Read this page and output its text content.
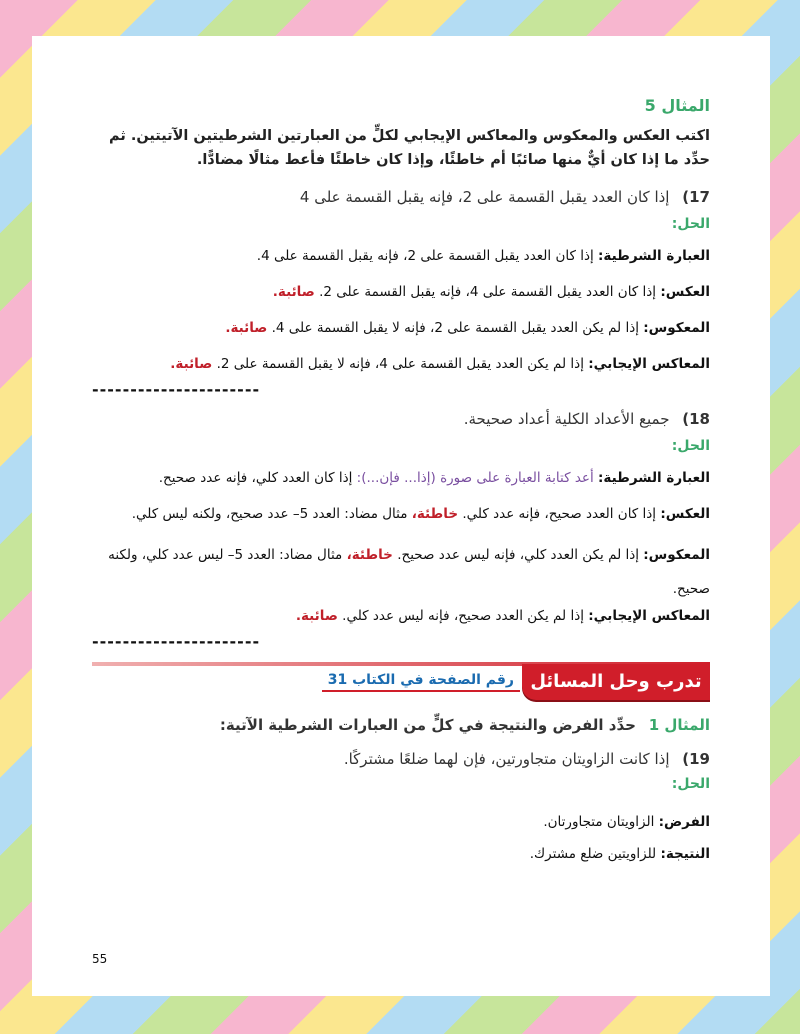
المثال 5
اكتب العكس والمعكوس والمعاكس الإيجابي لكلٍّ من العبارتين الشرطيتين الآتيتين. ثم حدِّد ما إذا كان أيٌّ منها صائبًا أم خاطئًا، وإذا كان خاطئًا فأعط مثالًا مضادًّا.
17) إذا كان العدد يقبل القسمة على 2، فإنه يقبل القسمة على 4
الحل:
العبارة الشرطية: إذا كان العدد يقبل القسمة على 2، فإنه يقبل القسمة على 4.
العكس: إذا كان العدد يقبل القسمة على 4، فإنه يقبل القسمة على 2. صائبة.
المعكوس: إذا لم يكن العدد يقبل القسمة على 2، فإنه لا يقبل القسمة على 4. صائبة.
المعاكس الإيجابي: إذا لم يكن العدد يقبل القسمة على 4، فإنه لا يقبل القسمة على 2. صائبة.
----------------------
18) جميع الأعداد الكلية أعداد صحيحة.
الحل:
العبارة الشرطية: أعد كتابة العبارة على صورة (إذا... فإن...): إذا كان العدد كلي، فإنه عدد صحيح.
العكس: إذا كان العدد صحيح، فإنه عدد كلي. خاطئة، مثال مضاد: العدد 5– عدد صحيح، ولكنه ليس كلي.
المعكوس: إذا لم يكن العدد كلي، فإنه ليس عدد صحيح. خاطئة، مثال مضاد: العدد 5– ليس عدد كلي، ولكنه صحيح.
المعاكس الإيجابي: إذا لم يكن العدد صحيح، فإنه ليس عدد كلي. صائبة.
----------------------
تدرب وحل المسائل
رقم الصفحة في الكتاب 31
المثال 1 حدِّد الفرض والنتيجة في كلٍّ من العبارات الشرطية الآتية:
19) إذا كانت الزاويتان متجاورتين، فإن لهما ضلعًا مشتركًا.
الحل:
الفرض: الزاويتان متجاورتان.
النتيجة: للزاويتين ضلع مشترك.
55
